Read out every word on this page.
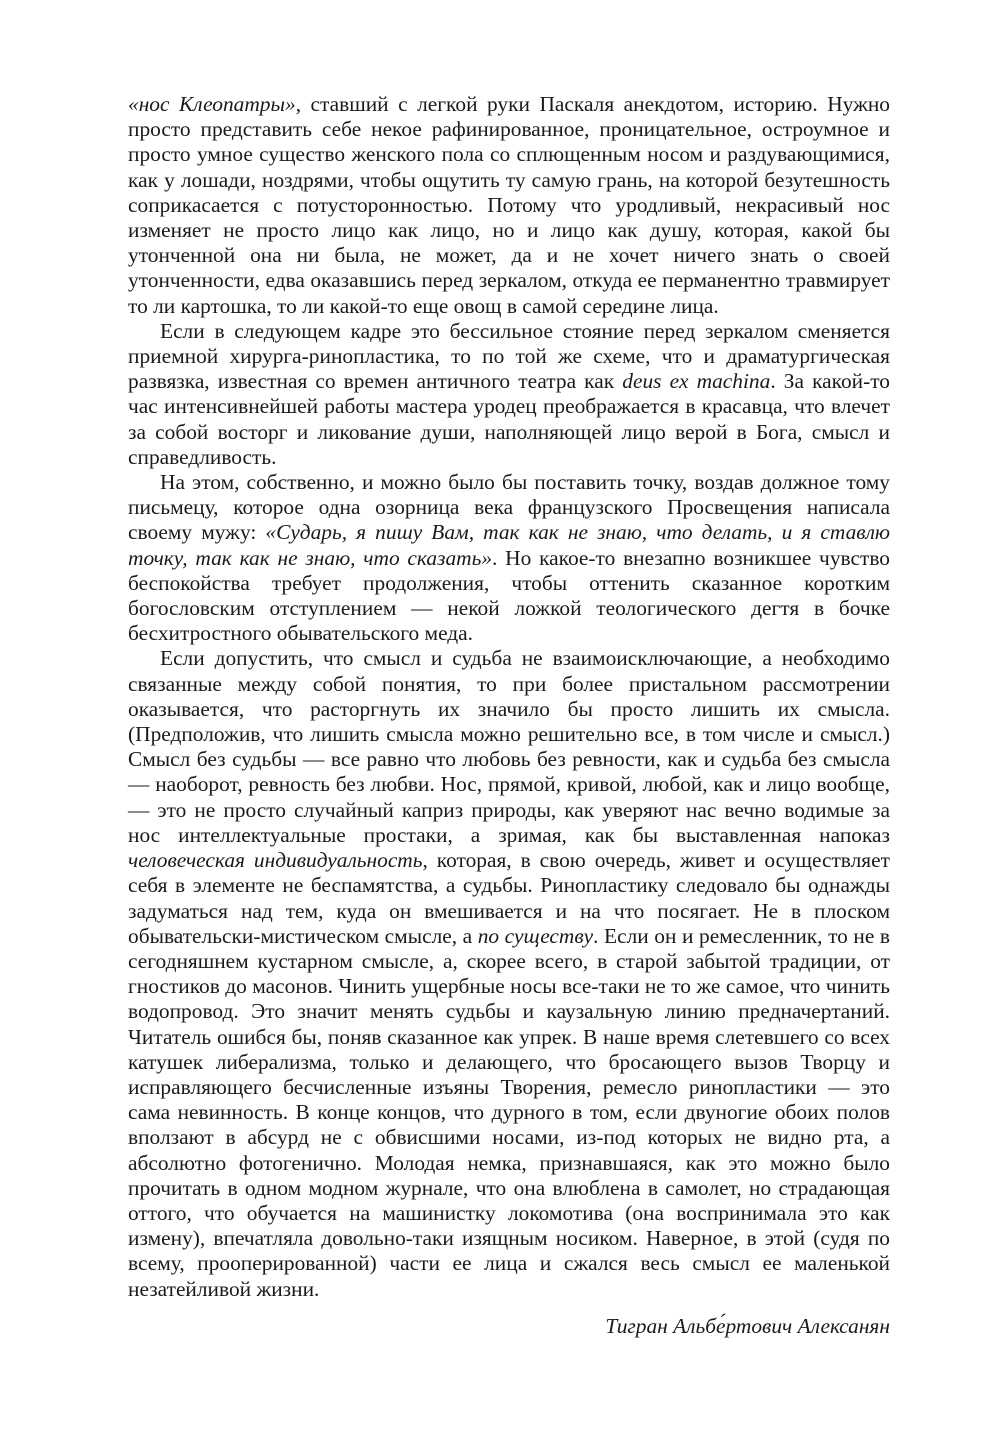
«нос Клеопатры», ставший с легкой руки Паскаля анекдотом, историю. Нужно просто представить себе некое рафинированное, проницательное, остроумное и просто умное существо женского пола со сплющенным носом и раздувающимися, как у лошади, ноздрями, чтобы ощутить ту самую грань, на которой безутешность соприкасается с потусторонностью. Потому что уродливый, некрасивый нос изменяет не просто лицо как лицо, но и лицо как душу, которая, какой бы утонченной она ни была, не может, да и не хочет ничего знать о своей утонченности, едва оказавшись перед зеркалом, откуда ее перманентно травмирует то ли картошка, то ли какой-то еще овощ в самой середине лица.

Если в следующем кадре это бессильное стояние перед зеркалом сменяется приемной хирурга-ринопластика, то по той же схеме, что и драматургическая развязка, известная со времен античного театра как deus ex machina. За какой-то час интенсивнейшей работы мастера уродец преображается в красавца, что влечет за собой восторг и ликование души, наполняющей лицо верой в Бога, смысл и справедливость.

На этом, собственно, и можно было бы поставить точку, воздав должное тому письмецу, которое одна озорница века французского Просвещения написала своему мужу: «Сударь, я пишу Вам, так как не знаю, что делать, и я ставлю точку, так как не знаю, что сказать». Но какое-то внезапно возникшее чувство беспокойства требует продолжения, чтобы оттенить сказанное коротким богословским отступлением — некой ложкой теологического дегтя в бочке бесхитростного обывательского меда.

Если допустить, что смысл и судьба не взаимоисключающие, а необходимо связанные между собой понятия, то при более пристальном рассмотрении оказывается, что расторгнуть их значило бы просто лишить их смысла. (Предположив, что лишить смысла можно решительно все, в том числе и смысл.) Смысл без судьбы — все равно что любовь без ревности, как и судьба без смысла — наоборот, ревность без любви. Нос, прямой, кривой, любой, как и лицо вообще, — это не просто случайный каприз природы, как уверяют нас вечно водимые за нос интеллектуальные простаки, а зримая, как бы выставленная напоказ человеческая индивидуальность, которая, в свою очередь, живет и осуществляет себя в элементе не беспамятства, а судьбы. Ринопластику следовало бы однажды задуматься над тем, куда он вмешивается и на что посягает. Не в плоском обывательски-мистическом смысле, а по существу. Если он и ремесленник, то не в сегодняшнем кустарном смысле, а, скорее всего, в старой забытой традиции, от гностиков до масонов. Чинить ущербные носы все-таки не то же самое, что чинить водопровод. Это значит менять судьбы и каузальную линию предначертаний. Читатель ошибся бы, поняв сказанное как упрек. В наше время слетевшего со всех катушек либерализма, только и делающего, что бросающего вызов Творцу и исправляющего бесчисленные изъяны Творения, ремесло ринопластики — это сама невинность. В конце концов, что дурного в том, если двуногие обоих полов вползают в абсурд не с обвисшими носами, из-под которых не видно рта, а абсолютно фотогенично. Молодая немка, признавшаяся, как это можно было прочитать в одном модном журнале, что она влюблена в самолет, но страдающая оттого, что обучается на машинистку локомотива (она воспринимала это как измену), впечатляла довольно-таки изящным носиком. Наверное, в этой (судя по всему, прооперированной) части ее лица и сжался весь смысл ее маленькой незатейливой жизни.

Тигран Альбе́ртович Алексанян
